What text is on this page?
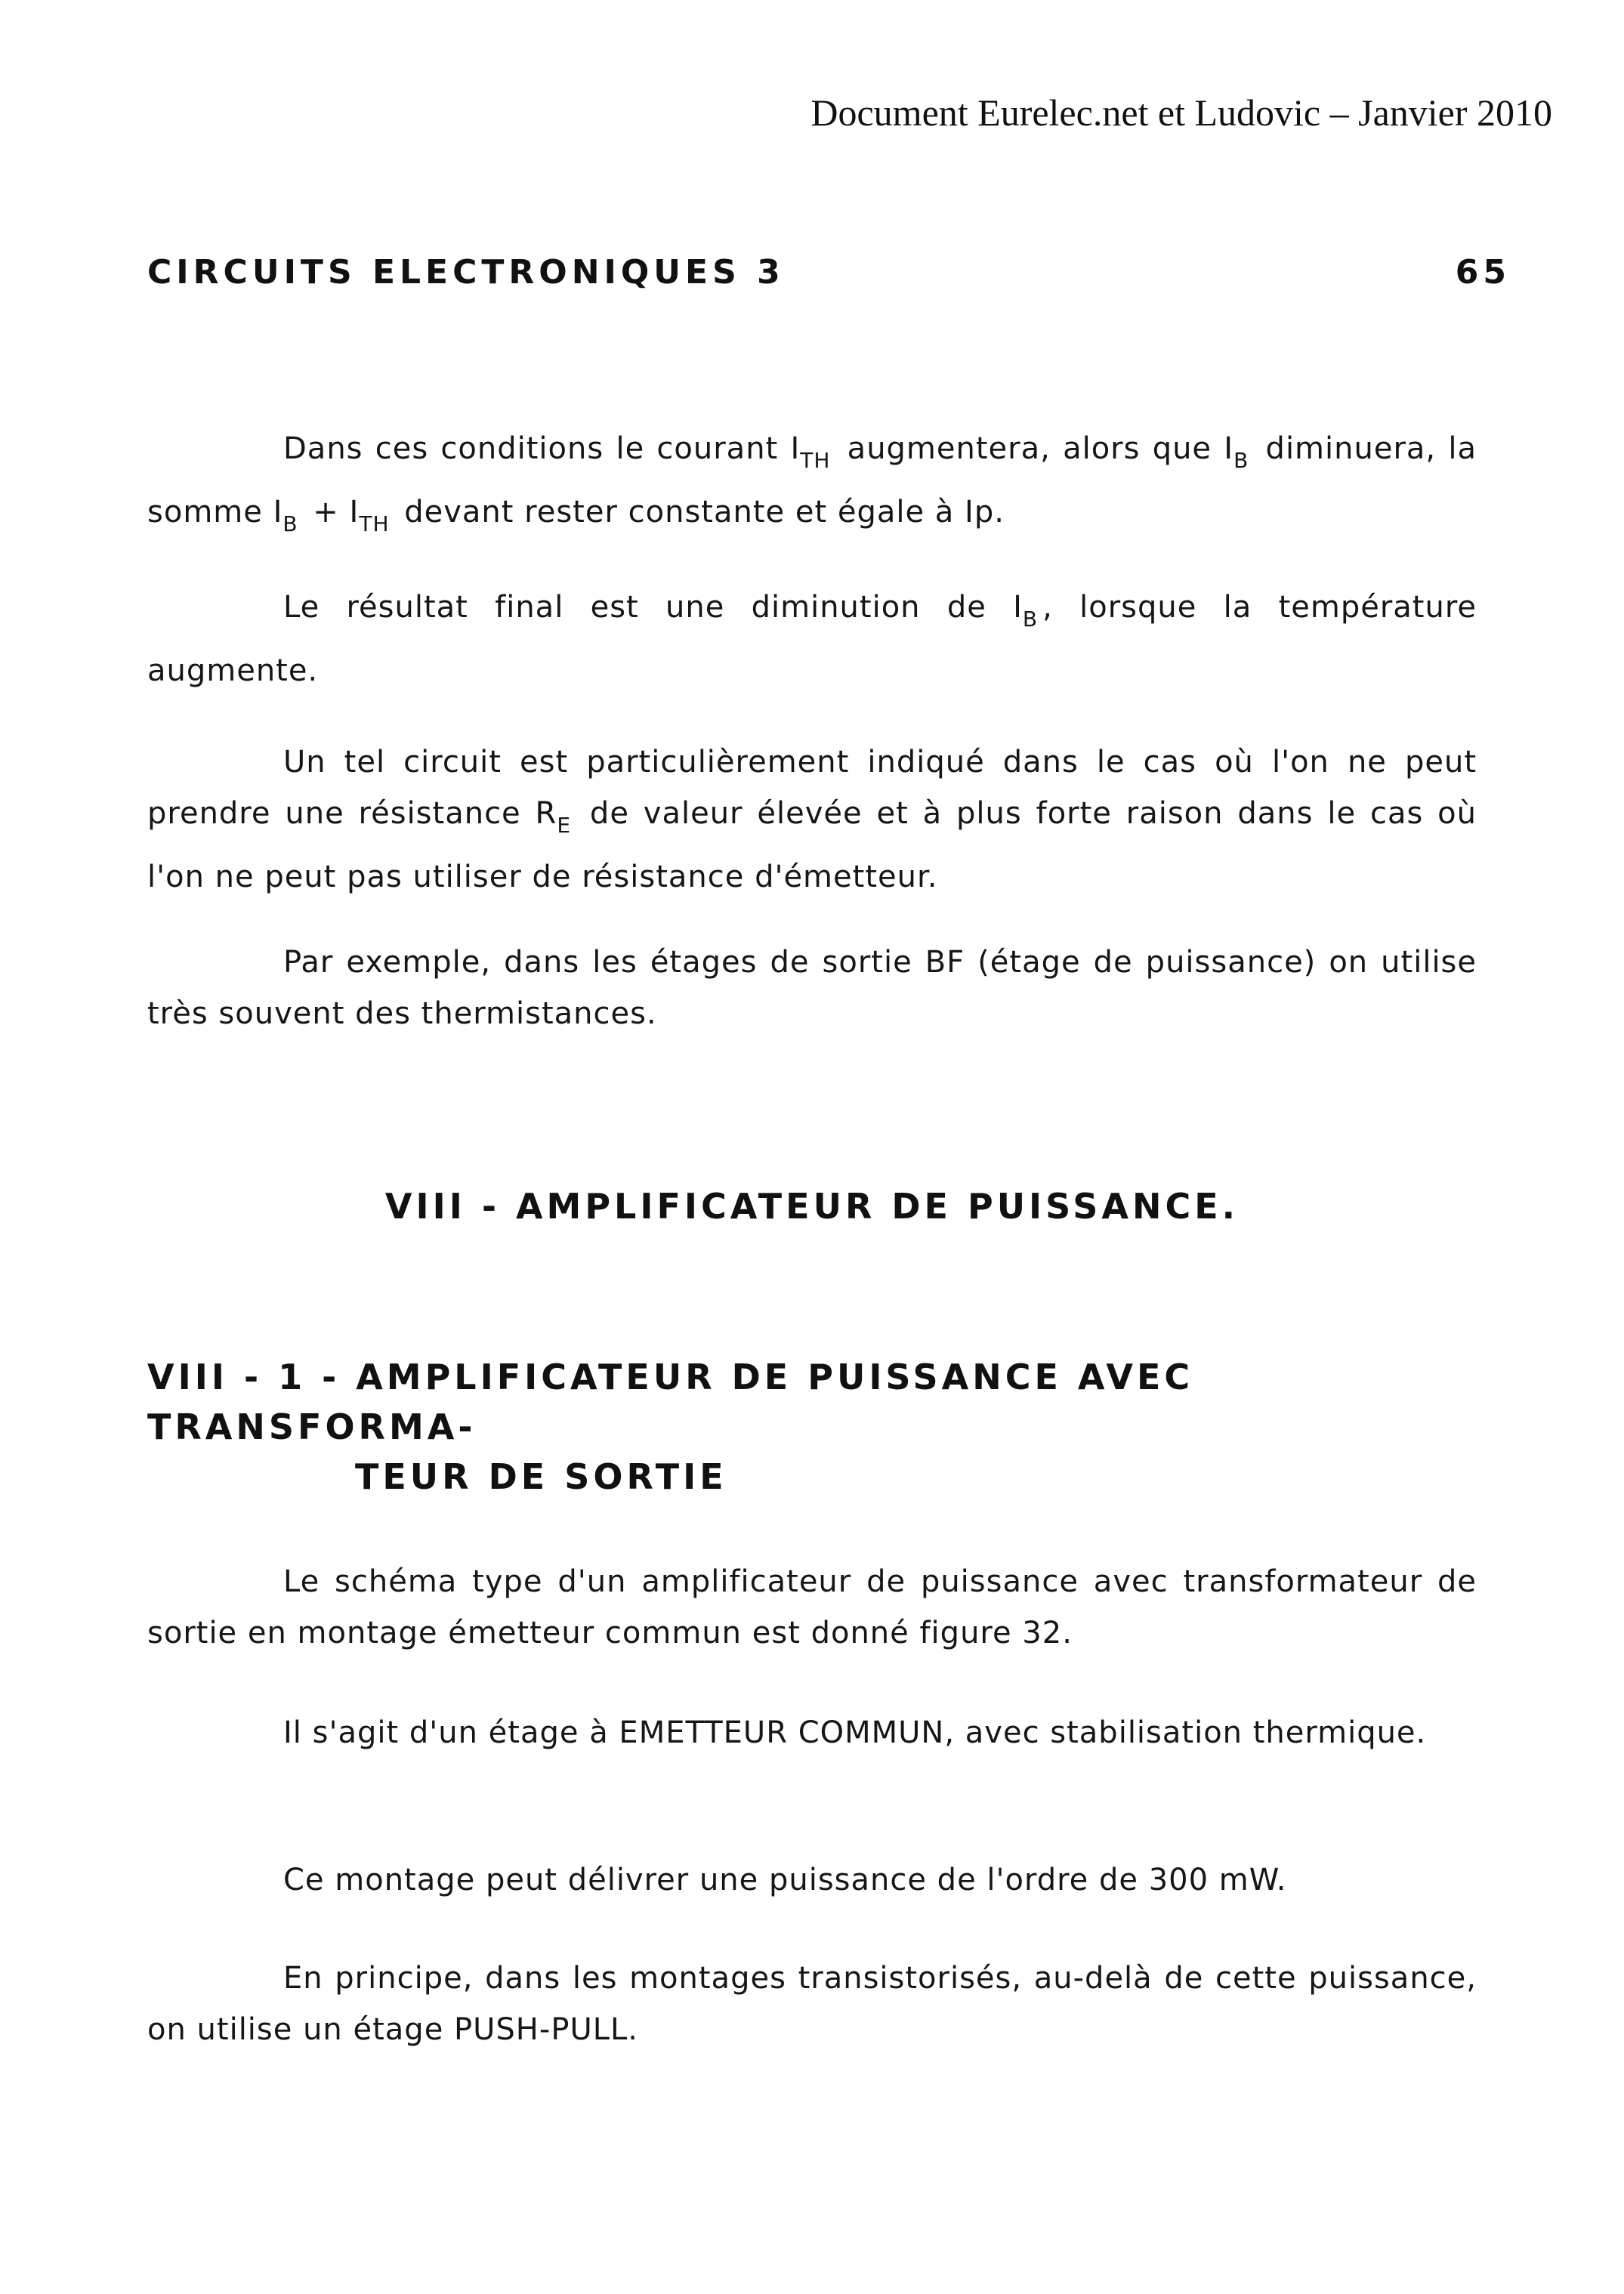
Document Eurelec.net et Ludovic – Janvier 2010
CIRCUITS ELECTRONIQUES 3	65

Dans ces conditions le courant $I_{TH}$ augmentera, alors que $I_B$ diminuera, la somme $I_B + I_{TH}$ devant rester constante et égale à Ip.

Le résultat final est une diminution de $I_B$ , lorsque la température augmente.

Un tel circuit est particulièrement indiqué dans le cas où l'on ne peut prendre une résistance $R_E$ de valeur élevée et à plus forte raison dans le cas où l'on ne peut pas utiliser de résistance d'émetteur.

Par exemple, dans les étages de sortie BF (étage de puissance) on utilise très souvent des thermistances.

VIII - AMPLIFICATEUR DE PUISSANCE.
VIII - 1 - AMPLIFICATEUR DE PUISSANCE AVEC TRANSFORMA-
TEUR DE SORTIE

Le schéma type d'un amplificateur de puissance avec transformateur de sortie en montage émetteur commun est donné figure 32.

Il s'agit d'un étage à EMETTEUR COMMUN, avec stabilisation thermique.

Ce montage peut délivrer une puissance de l'ordre de 300 mW.

En principe, dans les montages transistorisés, au-delà de cette puissance, on utilise un étage PUSH-PULL.
